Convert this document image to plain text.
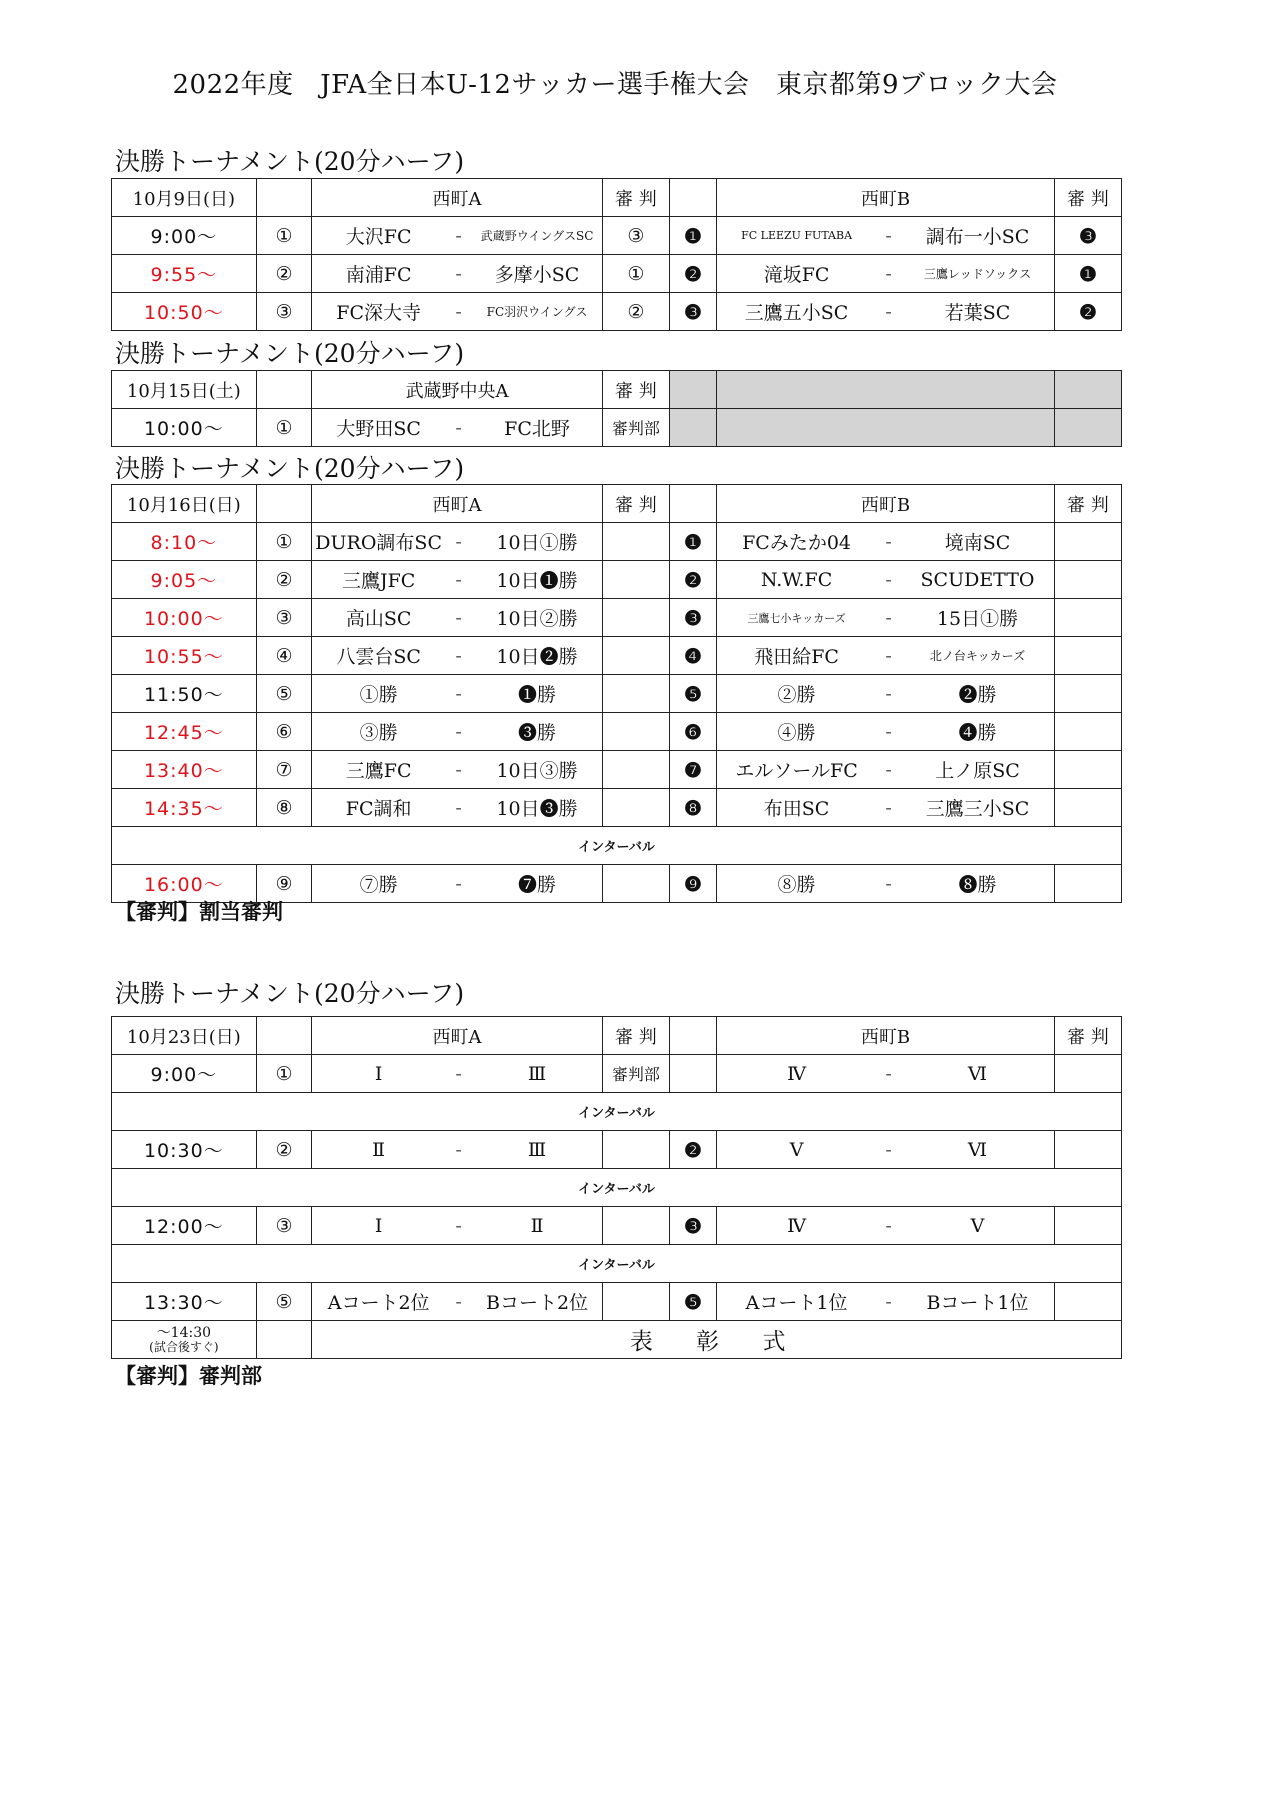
2022年度　JFA全日本U-12サッカー選手権大会　東京都第9ブロック大会
決勝トーナメント(20分ハーフ)
10月9日(日)		西町A			審 判		西町B			審 判
9:00～	①	大沢FC	-	武蔵野ウイングスSC	③	❶	FC LEEZU FUTABA	-	調布一小SC	❸
9:55～	②	南浦FC	-	多摩小SC	①	❷	滝坂FC	-	三鷹レッドソックス	❶
10:50～	③	FC深大寺	-	FC羽沢ウイングス	②	❸	三鷹五小SC	-	若葉SC	❷
決勝トーナメント(20分ハーフ)
10月15日(土)		武蔵野中央A			審 判			
10:00～	①	大野田SC	-	FC北野	審判部			
決勝トーナメント(20分ハーフ)
10月16日(日)		西町A			審 判		西町B			審 判
8:10～	①	DURO調布SC	-	10日①勝		❶	FCみたか04	-	境南SC	
9:05～	②	三鷹JFC	-	10日❶勝		❷	N.W.FC	-	SCUDETTO	
10:00～	③	高山SC	-	10日②勝		❸	三鷹七小キッカーズ	-	15日①勝	
10:55～	④	八雲台SC	-	10日❷勝		❹	飛田給FC	-	北ノ台キッカーズ	
11:50～	⑤	①勝	-	❶勝		❺	②勝	-	❷勝	
12:45～	⑥	③勝	-	❸勝		❻	④勝	-	❹勝	
13:40～	⑦	三鷹FC	-	10日③勝		❼	エルソールFC	-	上ノ原SC	
14:35～	⑧	FC調和	-	10日❸勝		❽	布田SC	-	三鷹三小SC	
インターバル										
16:00～	⑨	⑦勝	-	❼勝		❾	⑧勝	-	❽勝	
【審判】割当審判
決勝トーナメント(20分ハーフ)
10月23日(日)		西町A			審 判		西町B			審 判
9:00～	①	Ⅰ	-	Ⅲ	審判部		Ⅳ	-	Ⅵ	
インターバル										
10:30～	②	Ⅱ	-	Ⅲ		❷	Ⅴ	-	Ⅵ	
インターバル										
12:00～	③	Ⅰ	-	Ⅱ		❸	Ⅳ	-	Ⅴ	
インターバル										
13:30～	⑤	Aコート2位	-	Bコート2位		❺	Aコート1位	-	Bコート1位	

～14:30
(試合後すぐ)		表 彰 式								
【審判】審判部
